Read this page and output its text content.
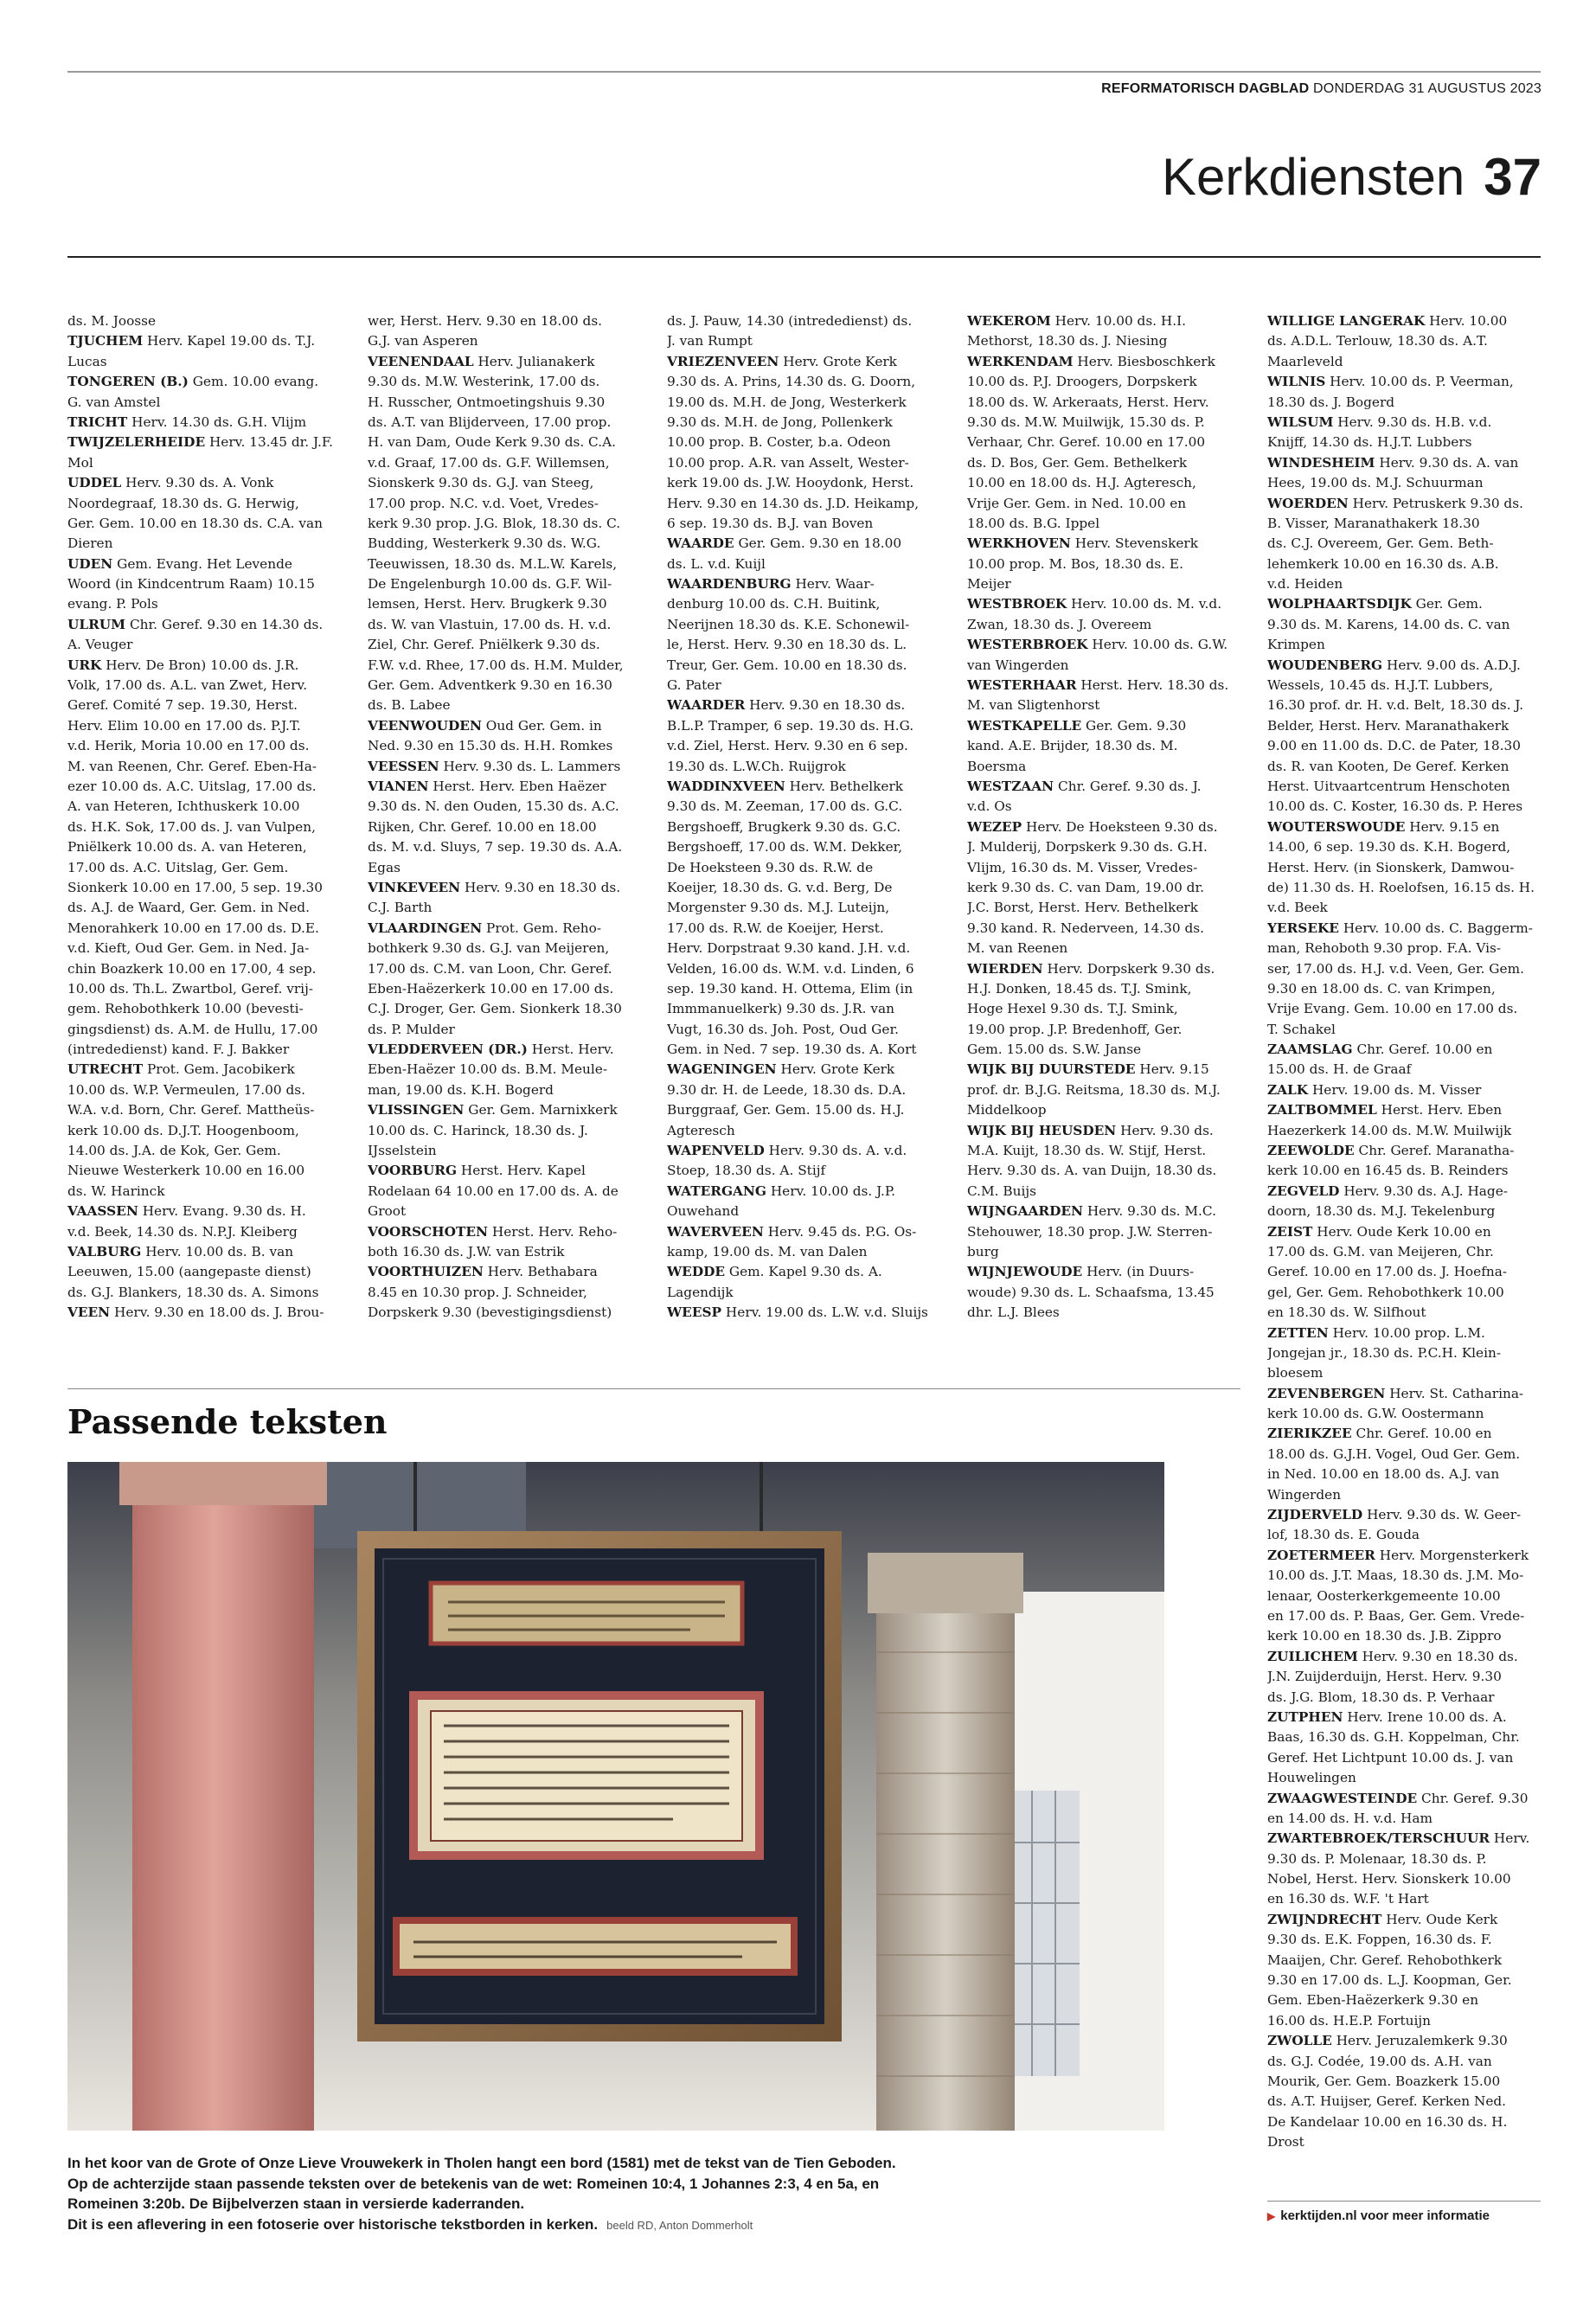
REFORMATORISCH DAGBLAD DONDERDAG 31 AUGUSTUS 2023
Kerkdiensten 37
ds. M. Joosse
TJUCHEM Herv. Kapel 19.00 ds. T.J.
Lucas
TONGEREN (B.) Gem. 10.00 evang.
G. van Amstel
TRICHT Herv. 14.30 ds. G.H. Vlijm
TWIJZELERHEIDE Herv. 13.45 dr. J.F.
Mol
UDDEL Herv. 9.30 ds. A. Vonk
Noordegraaf, 18.30 ds. G. Herwig,
Ger. Gem. 10.00 en 18.30 ds. C.A. van
Dieren
UDEN Gem. Evang. Het Levende
Woord (in Kindcentrum Raam) 10.15
evang. P. Pols
ULRUM Chr. Geref. 9.30 en 14.30 ds.
A. Veuger
URK Herv. De Bron) 10.00 ds. J.R.
Volk, 17.00 ds. A.L. van Zwet, Herv.
Geref. Comité 7 sep. 19.30, Herst.
Herv. Elim 10.00 en 17.00 ds. P.J.T.
v.d. Herik, Moria 10.00 en 17.00 ds.
M. van Reenen, Chr. Geref. Eben-Ha-
ezer 10.00 ds. A.C. Uitslag, 17.00 ds.
A. van Heteren, Ichthuskerk 10.00
ds. H.K. Sok, 17.00 ds. J. van Vulpen,
Pniëlkerk 10.00 ds. A. van Heteren,
17.00 ds. A.C. Uitslag, Ger. Gem.
Sionkerk 10.00 en 17.00, 5 sep. 19.30
ds. A.J. de Waard, Ger. Gem. in Ned.
Menorahkerk 10.00 en 17.00 ds. D.E.
v.d. Kieft, Oud Ger. Gem. in Ned. Ja-
chin Boazkerk 10.00 en 17.00, 4 sep.
10.00 ds. Th.L. Zwartbol, Geref. vrij-
gem. Rehobothkerk 10.00 (bevesti-
gingsdienst) ds. A.M. de Hullu, 17.00
(intrededienst) kand. F. J. Bakker
UTRECHT Prot. Gem. Jacobikerk
10.00 ds. W.P. Vermeulen, 17.00 ds.
W.A. v.d. Born, Chr. Geref. Mattheüs-
kerk 10.00 ds. D.J.T. Hoogenboom,
14.00 ds. J.A. de Kok, Ger. Gem.
Nieuwe Westerkerk 10.00 en 16.00
ds. W. Harinck
VAASSEN Herv. Evang. 9.30 ds. H.
v.d. Beek, 14.30 ds. N.P.J. Kleiberg
VALBURG Herv. 10.00 ds. B. van
Leeuwen, 15.00 (aangepaste dienst)
ds. G.J. Blankers, 18.30 ds. A. Simons
VEEN Herv. 9.30 en 18.00 ds. J. Brou-
wer, Herst. Herv. 9.30 en 18.00 ds.
G.J. van Asperen
VEENENDAAL Herv. Julianakerk
9.30 ds. M.W. Westerink, 17.00 ds.
H. Russcher, Ontmoetingshuis 9.30
ds. A.T. van Blijderveen, 17.00 prop.
H. van Dam, Oude Kerk 9.30 ds. C.A.
v.d. Graaf, 17.00 ds. G.F. Willemsen,
Sionskerk 9.30 ds. G.J. van Steeg,
17.00 prop. N.C. v.d. Voet, Vredes-
kerk 9.30 prop. J.G. Blok, 18.30 ds. C.
Budding, Westerkerk 9.30 ds. W.G.
Teeuwissen, 18.30 ds. M.L.W. Karels,
De Engelenburgh 10.00 ds. G.F. Wil-
lemsen, Herst. Herv. Brugkerk 9.30
ds. W. van Vlastuin, 17.00 ds. H. v.d.
Ziel, Chr. Geref. Pniëlkerk 9.30 ds.
F.W. v.d. Rhee, 17.00 ds. H.M. Mulder,
Ger. Gem. Adventkerk 9.30 en 16.30
ds. B. Labee
VEENWOUDEN Oud Ger. Gem. in
Ned. 9.30 en 15.30 ds. H.H. Romkes
VEESSEN Herv. 9.30 ds. L. Lammers
VIANEN Herst. Herv. Eben Haëzer
9.30 ds. N. den Ouden, 15.30 ds. A.C.
Rijken, Chr. Geref. 10.00 en 18.00
ds. M. v.d. Sluys, 7 sep. 19.30 ds. A.A.
Egas
VINKEVEEN Herv. 9.30 en 18.30 ds.
C.J. Barth
VLAARDINGEN Prot. Gem. Reho-
bothkerk 9.30 ds. G.J. van Meijeren,
17.00 ds. C.M. van Loon, Chr. Geref.
Eben-Haëzerkerk 10.00 en 17.00 ds.
C.J. Droger, Ger. Gem. Sionkerk 18.30
ds. P. Mulder
VLEDDERVEEN (DR.) Herst. Herv.
Eben-Haëzer 10.00 ds. B.M. Meule-
man, 19.00 ds. K.H. Bogerd
VLISSINGEN Ger. Gem. Marnixkerk
10.00 ds. C. Harinck, 18.30 ds. J.
IJsselstein
VOORBURG Herst. Herv. Kapel
Rodelaan 64 10.00 en 17.00 ds. A. de
Groot
VOORSCHOTEN Herst. Herv. Reho-
both 16.30 ds. J.W. van Estrik
VOORTHUIZEN Herv. Bethabara
8.45 en 10.30 prop. J. Schneider,
Dorpskerk 9.30 (bevestigingsdienst)
ds. J. Pauw, 14.30 (intrededienst) ds.
J. van Rumpt
VRIEZENVEEN Herv. Grote Kerk
9.30 ds. A. Prins, 14.30 ds. G. Doorn,
19.00 ds. M.H. de Jong, Westerkerk
9.30 ds. M.H. de Jong, Pollenkerk
10.00 prop. B. Coster, b.a. Odeon
10.00 prop. A.R. van Asselt, Wester-
kerk 19.00 ds. J.W. Hooydonk, Herst.
Herv. 9.30 en 14.30 ds. J.D. Heikamp,
6 sep. 19.30 ds. B.J. van Boven
WAARDE Ger. Gem. 9.30 en 18.00
ds. L. v.d. Kuijl
WAARDENBURG Herv. Waar-
denburg 10.00 ds. C.H. Buitink,
Neerijnen 18.30 ds. K.E. Schonewil-
le, Herst. Herv. 9.30 en 18.30 ds. L.
Treur, Ger. Gem. 10.00 en 18.30 ds.
G. Pater
WAARDER Herv. 9.30 en 18.30 ds.
B.L.P. Tramper, 6 sep. 19.30 ds. H.G.
v.d. Ziel, Herst. Herv. 9.30 en 6 sep.
19.30 ds. L.W.Ch. Ruijgrok
WADDINXVEEN Herv. Bethelkerk
9.30 ds. M. Zeeman, 17.00 ds. G.C.
Bergshoeff, Brugkerk 9.30 ds. G.C.
Bergshoeff, 17.00 ds. W.M. Dekker,
De Hoeksteen 9.30 ds. R.W. de
Koeijer, 18.30 ds. G. v.d. Berg, De
Morgenster 9.30 ds. M.J. Luteijn,
17.00 ds. R.W. de Koeijer, Herst.
Herv. Dorpstraat 9.30 kand. J.H. v.d.
Velden, 16.00 ds. W.M. v.d. Linden, 6
sep. 19.30 kand. H. Ottema, Elim (in
Immmanuelkerk) 9.30 ds. J.R. van
Vugt, 16.30 ds. Joh. Post, Oud Ger.
Gem. in Ned. 7 sep. 19.30 ds. A. Kort
WAGENINGEN Herv. Grote Kerk
9.30 dr. H. de Leede, 18.30 ds. D.A.
Burggraaf, Ger. Gem. 15.00 ds. H.J.
Agteresch
WAPENVELD Herv. 9.30 ds. A. v.d.
Stoep, 18.30 ds. A. Stijf
WATERGANG Herv. 10.00 ds. J.P.
Ouwehand
WAVERVEEN Herv. 9.45 ds. P.G. Os-
kamp, 19.00 ds. M. van Dalen
WEDDE Gem. Kapel 9.30 ds. A.
Lagendijk
WEESP Herv. 19.00 ds. L.W. v.d. Sluijs
WEKEROM Herv. 10.00 ds. H.I.
Methorst, 18.30 ds. J. Niesing
WERKENDAM Herv. Biesboschkerk
10.00 ds. P.J. Droogers, Dorpskerk
18.00 ds. W. Arkeraats, Herst. Herv.
9.30 ds. M.W. Muilwijk, 15.30 ds. P.
Verhaar, Chr. Geref. 10.00 en 17.00
ds. D. Bos, Ger. Gem. Bethelkerk
10.00 en 18.00 ds. H.J. Agteresch,
Vrije Ger. Gem. in Ned. 10.00 en
18.00 ds. B.G. Ippel
WERKHOVEN Herv. Stevenskerk
10.00 prop. M. Bos, 18.30 ds. E.
Meijer
WESTBROEK Herv. 10.00 ds. M. v.d.
Zwan, 18.30 ds. J. Overeem
WESTERBROEK Herv. 10.00 ds. G.W.
van Wingerden
WESTERHAAR Herst. Herv. 18.30 ds.
M. van Sligtenhorst
WESTKAPELLE Ger. Gem. 9.30
kand. A.E. Brijder, 18.30 ds. M.
Boersma
WESTZAAN Chr. Geref. 9.30 ds. J.
v.d. Os
WEZEP Herv. De Hoeksteen 9.30 ds.
J. Mulderij, Dorpskerk 9.30 ds. G.H.
Vlijm, 16.30 ds. M. Visser, Vredes-
kerk 9.30 ds. C. van Dam, 19.00 dr.
J.C. Borst, Herst. Herv. Bethelkerk
9.30 kand. R. Nederveen, 14.30 ds.
M. van Reenen
WIERDEN Herv. Dorpskerk 9.30 ds.
H.J. Donken, 18.45 ds. T.J. Smink,
Hoge Hexel 9.30 ds. T.J. Smink,
19.00 prop. J.P. Bredenhoff, Ger.
Gem. 15.00 ds. S.W. Janse
WIJK BIJ DUURSTEDE Herv. 9.15
prof. dr. B.J.G. Reitsma, 18.30 ds. M.J.
Middelkoop
WIJK BIJ HEUSDEN Herv. 9.30 ds.
M.A. Kuijt, 18.30 ds. W. Stijf, Herst.
Herv. 9.30 ds. A. van Duijn, 18.30 ds.
C.M. Buijs
WIJNGAARDEN Herv. 9.30 ds. M.C.
Stehouwer, 18.30 prop. J.W. Sterren-
burg
WIJNJEWOUDE Herv. (in Duurs-
woude) 9.30 ds. L. Schaafsma, 13.45
dhr. L.J. Blees
WILLIGE LANGERAK Herv. 10.00
ds. A.D.L. Terlouw, 18.30 ds. A.T.
Maarleveld
WILNIS Herv. 10.00 ds. P. Veerman,
18.30 ds. J. Bogerd
WILSUM Herv. 9.30 ds. H.B. v.d.
Knijff, 14.30 ds. H.J.T. Lubbers
WINDESHEIM Herv. 9.30 ds. A. van
Hees, 19.00 ds. M.J. Schuurman
WOERDEN Herv. Petruskerk 9.30 ds.
B. Visser, Maranathakerk 18.30
ds. C.J. Overeem, Ger. Gem. Beth-
lehemkerk 10.00 en 16.30 ds. A.B.
v.d. Heiden
WOLPHAARTSDIJK Ger. Gem.
9.30 ds. M. Karens, 14.00 ds. C. van
Krimpen
WOUDENBERG Herv. 9.00 ds. A.D.J.
Wessels, 10.45 ds. H.J.T. Lubbers,
16.30 prof. dr. H. v.d. Belt, 18.30 ds. J.
Belder, Herst. Herv. Maranathakerk
9.00 en 11.00 ds. D.C. de Pater, 18.30
ds. R. van Kooten, De Geref. Kerken
Herst. Uitvaartcentrum Henschoten
10.00 ds. C. Koster, 16.30 ds. P. Heres
WOUTERSWOUDE Herv. 9.15 en
14.00, 6 sep. 19.30 ds. K.H. Bogerd,
Herst. Herv. (in Sionskerk, Damwou-
de) 11.30 ds. H. Roelofsen, 16.15 ds. H.
v.d. Beek
YERSEKE Herv. 10.00 ds. C. Baggerm-
man, Rehoboth 9.30 prop. F.A. Vis-
ser, 17.00 ds. H.J. v.d. Veen, Ger. Gem.
9.30 en 18.00 ds. C. van Krimpen,
Vrije Evang. Gem. 10.00 en 17.00 ds.
T. Schakel
ZAAMSLAG Chr. Geref. 10.00 en
15.00 ds. H. de Graaf
ZALK Herv. 19.00 ds. M. Visser
ZALTBOMMEL Herst. Herv. Eben
Haezerkerk 14.00 ds. M.W. Muilwijk
ZEEWOLDE Chr. Geref. Maranatha-
kerk 10.00 en 16.45 ds. B. Reinders
ZEGVELD Herv. 9.30 ds. A.J. Hage-
doorn, 18.30 ds. M.J. Tekelenburg
ZEIST Herv. Oude Kerk 10.00 en
17.00 ds. G.M. van Meijeren, Chr.
Geref. 10.00 en 17.00 ds. J. Hoefna-
gel, Ger. Gem. Rehobothkerk 10.00
en 18.30 ds. W. Silfhout
ZETTEN Herv. 10.00 prop. L.M.
Jongejan jr., 18.30 ds. P.C.H. Klein-
bloesem
ZEVENBERGEN Herv. St. Catharina-
kerk 10.00 ds. G.W. Oostermann
ZIERIKZEE Chr. Geref. 10.00 en
18.00 ds. G.J.H. Vogel, Oud Ger. Gem.
in Ned. 10.00 en 18.00 ds. A.J. van
Wingerden
ZIJDERVELD Herv. 9.30 ds. W. Geer-
lof, 18.30 ds. E. Gouda
ZOETERMEER Herv. Morgensterkerk
10.00 ds. J.T. Maas, 18.30 ds. J.M. Mo-
lenaar, Oosterkerkgemeente 10.00
en 17.00 ds. P. Baas, Ger. Gem. Vrede-
kerk 10.00 en 18.30 ds. J.B. Zippro
ZUILICHEM Herv. 9.30 en 18.30 ds.
J.N. Zuijderduijn, Herst. Herv. 9.30
ds. J.G. Blom, 18.30 ds. P. Verhaar
ZUTPHEN Herv. Irene 10.00 ds. A.
Baas, 16.30 ds. G.H. Koppelman, Chr.
Geref. Het Lichtpunt 10.00 ds. J. van
Houwelingen
ZWAAGWESTEINDE Chr. Geref. 9.30
en 14.00 ds. H. v.d. Ham
ZWARTEBROEK/TERSCHUUR Herv.
9.30 ds. P. Molenaar, 18.30 ds. P.
Nobel, Herst. Herv. Sionskerk 10.00
en 16.30 ds. W.F. 't Hart
ZWIJNDRECHT Herv. Oude Kerk
9.30 ds. E.K. Foppen, 16.30 ds. F.
Maaijen, Chr. Geref. Rehobothkerk
9.30 en 17.00 ds. L.J. Koopman, Ger.
Gem. Eben-Haëzerkerk 9.30 en
16.00 ds. H.E.P. Fortuijn
ZWOLLE Herv. Jeruzalemkerk 9.30
ds. G.J. Codée, 19.00 ds. A.H. van
Mourik, Ger. Gem. Boazkerk 15.00
ds. A.T. Huijser, Geref. Kerken Ned.
De Kandelaar 10.00 en 16.30 ds. H.
Drost
Passende teksten
In het koor van de Grote of Onze Lieve Vrouwekerk in Tholen hangt een bord (1581) met de tekst van de Tien Geboden.
Op de achterzijde staan passende teksten over de betekenis van de wet: Romeinen 10:4, 1 Johannes 2:3, 4 en 5a, en
Romeinen 3:20b. De Bijbelverzen staan in versierde kaderranden.
Dit is een aflevering in een fotoserie over historische tekstborden in kerken. beeld RD, Anton Dommerholt
▶ kerktijden.nl voor meer informatie
